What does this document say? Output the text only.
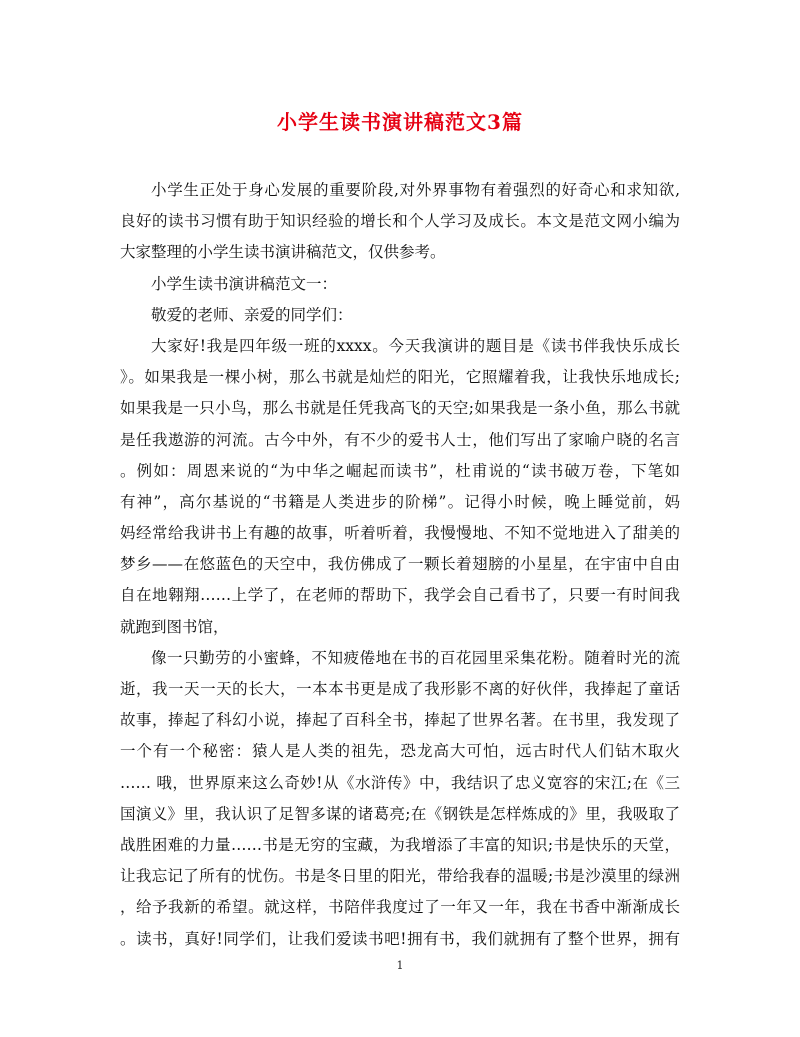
小学生读书演讲稿范文3篇
小学生正处于身心发展的重要阶段,对外界事物有着强烈的好奇心和求知欲,
良好的读书习惯有助于知识经验的增长和个人学习及成长。本文是范文网小编为
大家整理的小学生读书演讲稿范文，仅供参考。
小学生读书演讲稿范文一：
敬爱的老师、亲爱的同学们：
大家好!我是四年级一班的xxxx。今天我演讲的题目是《读书伴我快乐成长
》。如果我是一棵小树，那么书就是灿烂的阳光，它照耀着我，让我快乐地成长;
如果我是一只小鸟，那么书就是任凭我高飞的天空;如果我是一条小鱼，那么书就
是任我遨游的河流。古今中外，有不少的爱书人士，他们写出了家喻户晓的名言
。例如：周恩来说的“为中华之崛起而读书”，杜甫说的“读书破万卷，下笔如
有神”，高尔基说的“书籍是人类进步的阶梯”。记得小时候，晚上睡觉前，妈
妈经常给我讲书上有趣的故事，听着听着，我慢慢地、不知不觉地进入了甜美的
梦乡——在悠蓝色的天空中，我仿佛成了一颗长着翅膀的小星星，在宇宙中自由
自在地翱翔……上学了，在老师的帮助下，我学会自己看书了，只要一有时间我
就跑到图书馆，
像一只勤劳的小蜜蜂，不知疲倦地在书的百花园里采集花粉。随着时光的流
逝，我一天一天的长大，一本本书更是成了我形影不离的好伙伴，我捧起了童话
故事，捧起了科幻小说，捧起了百科全书，捧起了世界名著。在书里，我发现了
一个有一个秘密：猿人是人类的祖先，恐龙高大可怕，远古时代人们钻木取火
…… 哦，世界原来这么奇妙!从《水浒传》中，我结识了忠义宽容的宋江;在《三
国演义》里，我认识了足智多谋的诸葛亮;在《钢铁是怎样炼成的》里，我吸取了
战胜困难的力量……书是无穷的宝藏，为我增添了丰富的知识;书是快乐的天堂，
让我忘记了所有的忧伤。书是冬日里的阳光，带给我春的温暖;书是沙漠里的绿洲
，给予我新的希望。就这样，书陪伴我度过了一年又一年，我在书香中渐渐成长
。读书，真好!同学们，让我们爱读书吧!拥有书，我们就拥有了整个世界，拥有
1
